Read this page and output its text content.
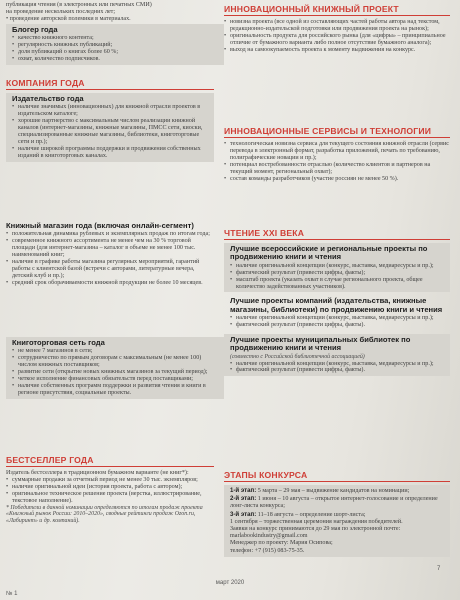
публикация чтения (в электронных или печатных СМИ)

на проведение нескольких последних лет;

• проведение авторской полемики в материалах.

Блогер года
• качество книжного контента;
• регулярность книжных публикаций;
• доля публикаций о книгах более 60 %;
• охват, количество подписчиков.
КОМПАНИЯ ГОДА
Издательство года
• наличие значимых (инновационных) для книжной отрасли проектов в издательском каталоге;
• хорошие партнерство с максимальным числом реализации книжной каналов (интернет-магазины, книжные магазины, ПМСС сети, киоски, специализированные книжные магазины, библиотеки, книготорговые сети и пр.);
• наличие широкой программы поддержки и продвижения собственных изданий в книготорговых каналах.
Книжный магазин года (включая онлайн-сегмент)
• положительная динамика рублевых и экземплярных продаж по итогам года;
• современное книжного ассортимента не менее чем на 30 % торговой площади (для интернет-магазина – каталог в объеме не менее 100 тыс. наименований книг;
• наличие в графике работы магазина регулярных мероприятий, гарантий работы с клиентской базой (встречи с авторами, литературные вечера, детский клуб и пр.);
• средний срок оборачиваемости книжной продукции не более 10 месяцев.
Книготорговая сеть года
• не менее 7 магазинов в сети;
• сотрудничество по прямым договорам с максимальным (не менее 100) числом книжных поставщиков;
• развитие сети (открытие новых книжных магазинов за текущий период);
• четкое исполнение финансовых обязательств перед поставщиками;
• наличие собственных программ поддержки и развития чтения и книги в регионе присутствия, социальные проекты.
БЕСТСЕЛЛЕР ГОДА

Издатель бестселлера в традиционном бумажном варианте (не книг*):

• суммарные продажи за отчетный период не менее 30 тыс. экземпляров;
• наличие оригинальной идеи (история проекта, работа с автором);
• оригинальное техническое решение проекта (верстка, иллюстрирование, текстовое наполнение).

* Победители в данной номинации определяются по итогам продаж проекта «Книжный рынок России: 2010–2020», сводные рейтинги продаж Ozon.ru, «Лабиринт» и др. компаний).

ИННОВАЦИОННЫЙ КНИЖНЫЙ ПРОЕКТ
• новизна проекта (все одной из составляющих частей работы автора над текстом, редакционно-издательской подготовки или продвижения проекта на рынок);
• оригинальность продукта для российского рынка (для «цифры» – принципиальное отличие от бумажного варианта либо полное отсутствие бумажного аналога);
• выход на самоокупаемость проекта к моменту выдвижения на конкурс.
ИННОВАЦИОННЫЕ СЕРВИСЫ И ТЕХНОЛОГИИ
• технологическая новизна сервиса для текущего состояния книжной отрасли (сервис перевода в электронный формат, разработка приложений, печать по требованию, полиграфические новации и пр.);
• потенциал востребованности отраслью (количество клиентов и партнеров на текущий момент, региональный охват);
• состав команды разработчиков (участие россиян не менее 50 %).
ЧТЕНИЕ XXI ВЕКА
Лучшие всероссийские и региональные проекты по продвижению книги и чтения
• наличие оригинальной концепции (конкурс, выставка, медиаресурсы и пр.);
• фактический результат (привести цифры, факты);
• масштаб проекта (указать охват в случае регионального проекта, общее количество задействованных участников).
Лучшие проекты компаний (издательства, книжные магазины, библиотеки) по продвижению книги и чтения
• наличие оригинальной концепции (конкурс, выставка, медиаресурсы и пр.);
• фактический результат (привести цифры, факты).
Лучшие проекты муниципальных библиотек по продвижению книги и чтения

(совместно с Российской библиотечной ассоциацией)

• наличие оригинальной концепции (конкурс, выставка, медиаресурсы и пр.);
• фактический результат (привести цифры, факты).
ЭТАПЫ КОНКУРСА
1-й этап: 5 марта – 29 мая – выдвижение кандидатов на номинации;
2-й этап: 1 июня – 10 августа – открытое интернет-голосование и определение лонг-листа конкурса;
3-й этап: 11–18 августа – определение шорт-листа;
1 сентября – торжественная церемония награждения победителей.
Заявки на конкурс принимаются до 29 мая по электронной почте: marlabookindustry@gmail.com
Менеджер по проекту: Мария Осипова;
телефон: +7 (915) 083-75-35.
7
март 2020
№ 1
